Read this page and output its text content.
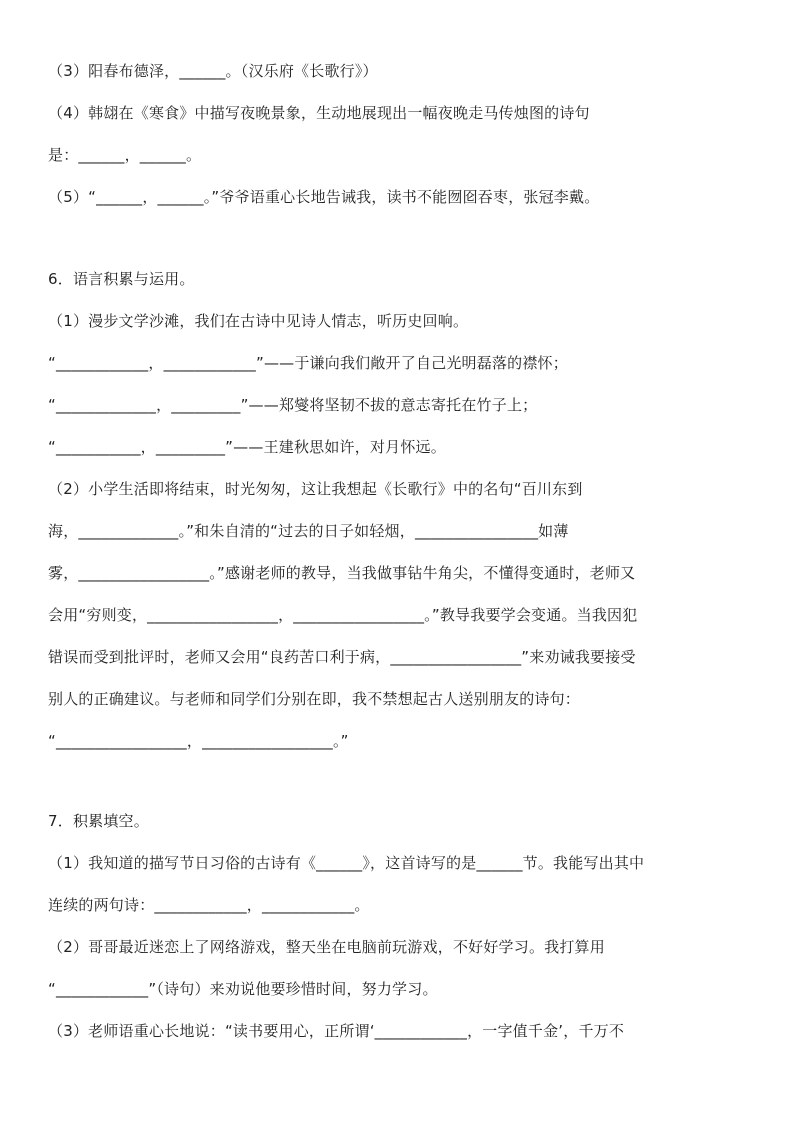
（3）阳春布德泽，______。（汉乐府《长歌行》）
（4）韩翃在《寒食》中描写夜晚景象，生动地展现出一幅夜晚走马传烛图的诗句
是：______，______。
（5）“______，______。”爷爷语重心长地告诫我，读书不能囫囵吞枣，张冠李戴。
6．语言积累与运用。
（1）漫步文学沙滩，我们在古诗中见诗人情志，听历史回响。
“____________，____________”——于谦向我们敞开了自己光明磊落的襟怀；
“_____________，_________”——郑燮将坚韧不拔的意志寄托在竹子上；
“___________，_________”——王建秋思如许，对月怀远。
（2）小学生活即将结束，时光匆匆，这让我想起《长歌行》中的名句“百川东到
海，_____________。”和朱自清的“过去的日子如轻烟，________________如薄
雾，_________________。”感谢老师的教导，当我做事钻牛角尖，不懂得变通时，老师又
会用“穷则变，_________________，_________________。”教导我要学会变通。当我因犯
错误而受到批评时，老师又会用“良药苦口利于病，_________________”来劝诫我要接受
别人的正确建议。与老师和同学们分别在即，我不禁想起古人送别朋友的诗句：
“_________________，_________________。”
7．积累填空。
（1）我知道的描写节日习俗的古诗有《______》，这首诗写的是______节。我能写出其中
连续的两句诗：____________，____________。
（2）哥哥最近迷恋上了网络游戏，整天坐在电脑前玩游戏，不好好学习。我打算用
“____________”（诗句）来劝说他要珍惜时间，努力学习。
（3）老师语重心长地说：“读书要用心，正所谓‘____________，一字值千金’，千万不
